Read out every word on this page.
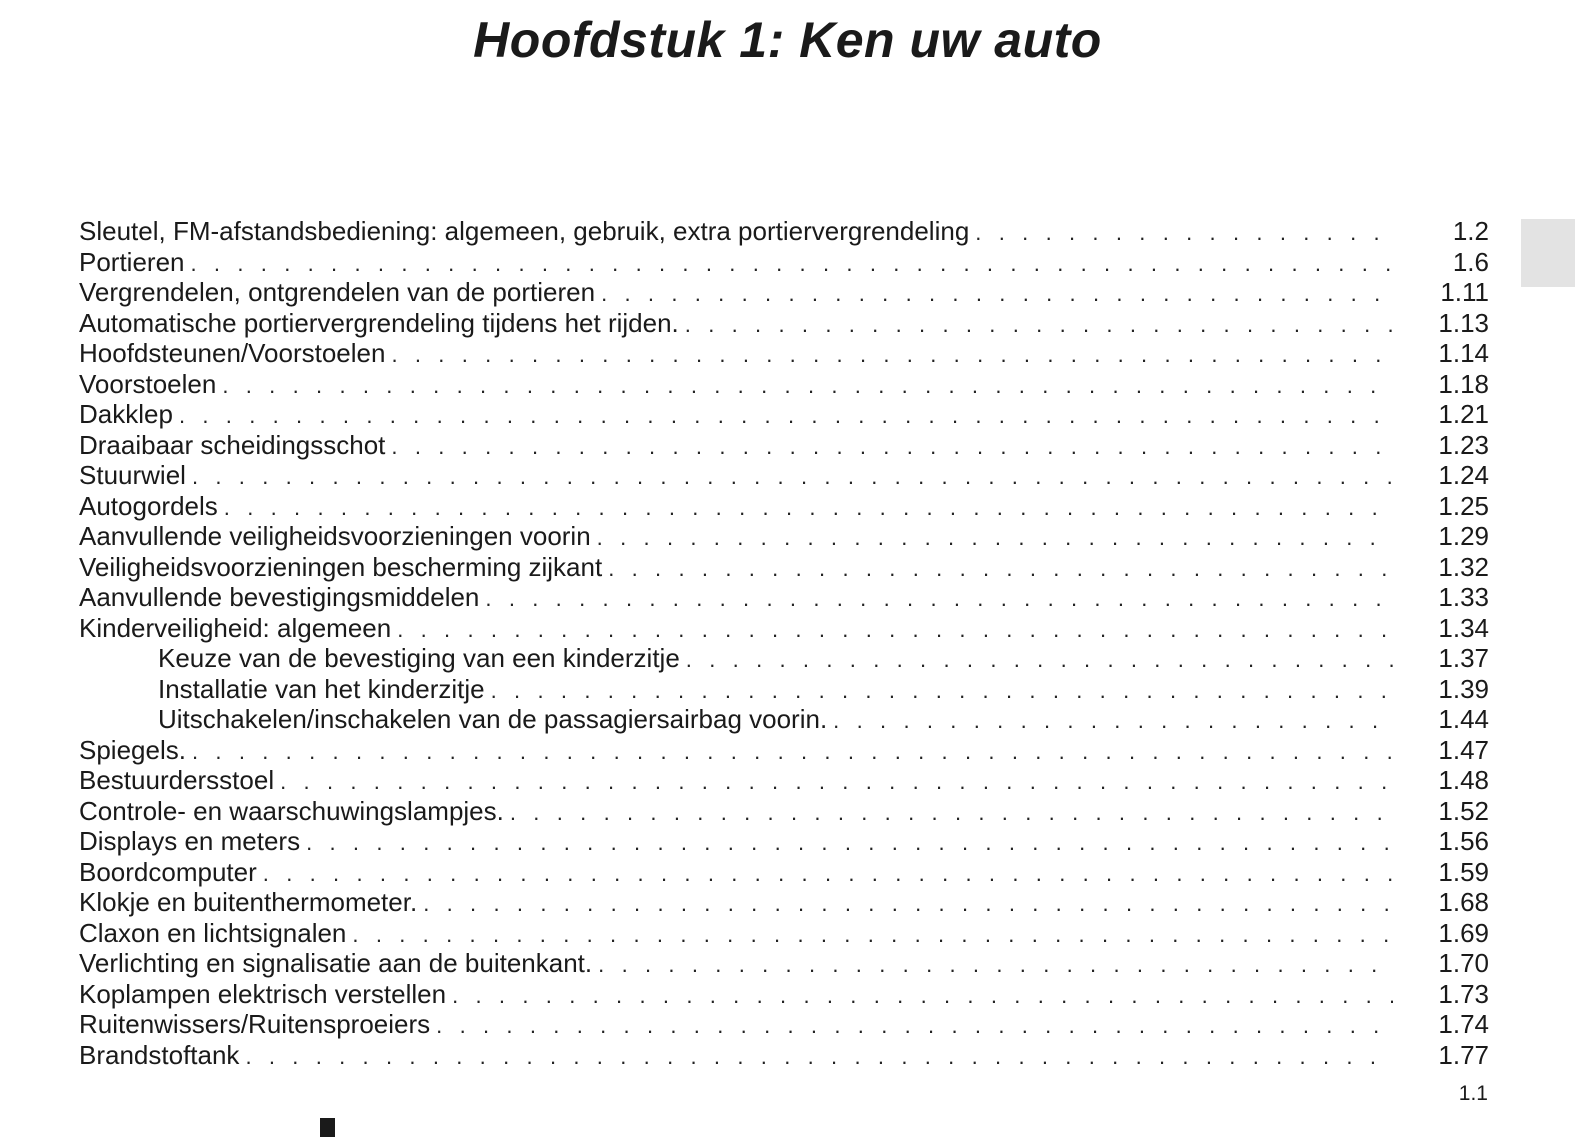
Hoofdstuk 1: Ken uw auto
Sleutel, FM-afstandsbediening: algemeen, gebruik, extra portiervergrendeling . . .	1.2
Portieren . . .	1.6
Vergrendelen, ontgrendelen van de portieren . . .	1.11
Automatische portiervergrendeling tijdens het rijden. . . .	1.13
Hoofdsteunen/Voorstoelen . . .	1.14
Voorstoelen . . .	1.18
Dakklep . . .	1.21
Draaibaar scheidingsschot . . .	1.23
Stuurwiel . . .	1.24
Autogordels . . .	1.25
Aanvullende veiligheidsvoorzieningen voorin . . .	1.29
Veiligheidsvoorzieningen bescherming zijkant . . .	1.32
Aanvullende bevestigingsmiddelen . . .	1.33
Kinderveiligheid: algemeen . . .	1.34
Keuze van de bevestiging van een kinderzitje . . .	1.37
Installatie van het kinderzitje . . .	1.39
Uitschakelen/inschakelen van de passagiersairbag voorin. . . .	1.44
Spiegels. . . .	1.47
Bestuurdersstoel . . .	1.48
Controle- en waarschuwingslampjes. . . .	1.52
Displays en meters . . .	1.56
Boordcomputer . . .	1.59
Klokje en buitenthermometer. . . .	1.68
Claxon en lichtsignalen . . .	1.69
Verlichting en signalisatie aan de buitenkant. . . .	1.70
Koplampen elektrisch verstellen . . .	1.73
Ruitenwissers/Ruitensproeiers . . .	1.74
Brandstoftank . . .	1.77
1.1
